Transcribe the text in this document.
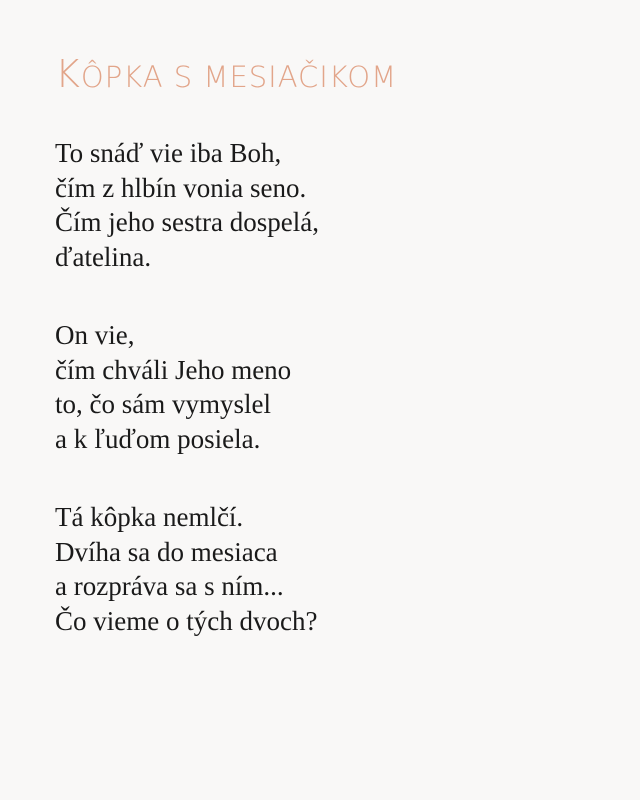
KÔPKA S MESIAČIKOM
To snáď vie iba Boh,
čím z hlbín vonia seno.
Čím jeho sestra dospelá,
ďatelina.
On vie,
čím chváli Jeho meno
to, čo sám vymyslel
a k ľuďom posiela.
Tá kôpka nemlčí.
Dvíha sa do mesiaca
a rozpráva sa s ním...
Čo vieme o tých dvoch?
